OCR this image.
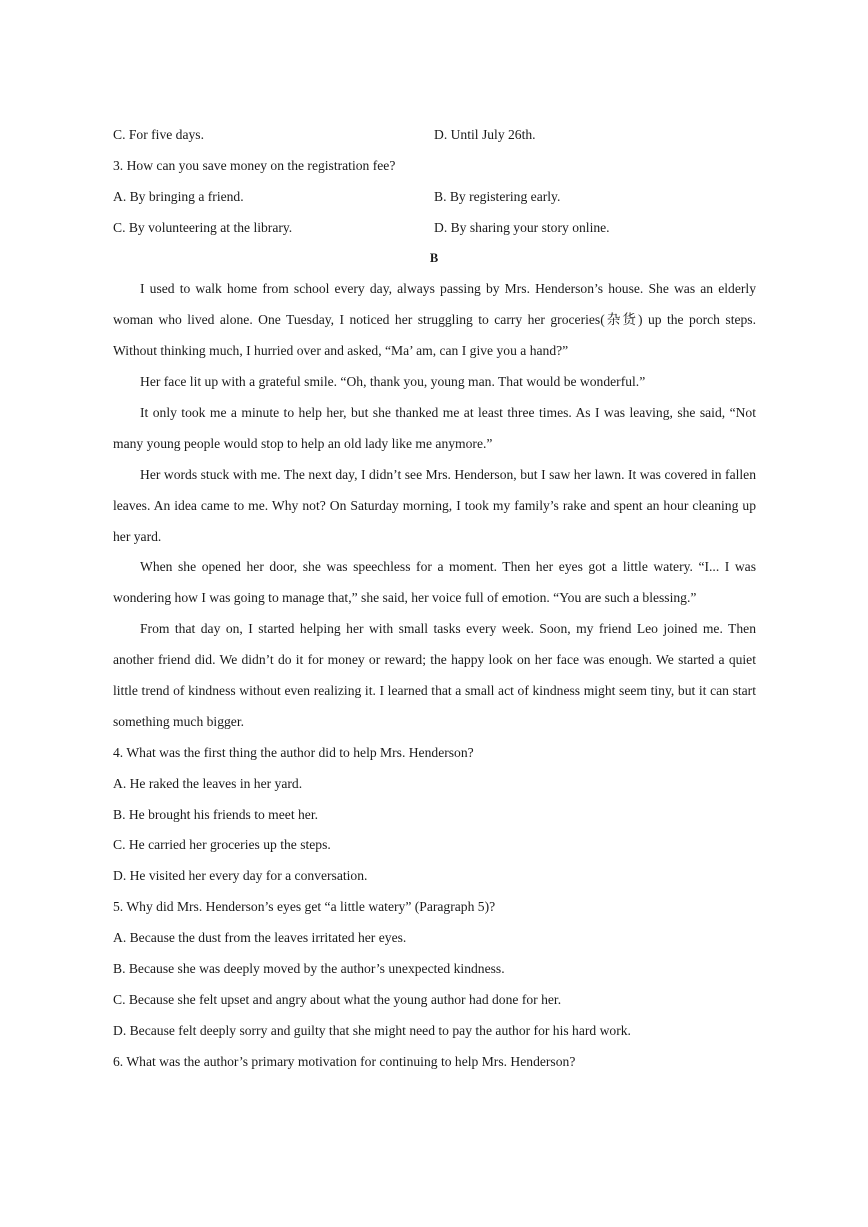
C. For five days.	D. Until July 26th.
3. How can you save money on the registration fee?
A. By bringing a friend.	B. By registering early.
C. By volunteering at the library.	D. By sharing your story online.
B

I used to walk home from school every day, always passing by Mrs. Henderson’s house. She was an elderly woman who lived alone. One Tuesday, I noticed her struggling to carry her groceries(杂货) up the porch steps. Without thinking much, I hurried over and asked, “Ma’ am, can I give you a hand?”

Her face lit up with a grateful smile. “Oh, thank you, young man. That would be wonderful.”

It only took me a minute to help her, but she thanked me at least three times. As I was leaving, she said, “Not many young people would stop to help an old lady like me anymore.”

Her words stuck with me. The next day, I didn’t see Mrs. Henderson, but I saw her lawn. It was covered in fallen leaves. An idea came to me. Why not? On Saturday morning, I took my family’s rake and spent an hour cleaning up her yard.

When she opened her door, she was speechless for a moment. Then her eyes got a little watery. “I... I was wondering how I was going to manage that,” she said, her voice full of emotion. “You are such a blessing.”

From that day on, I started helping her with small tasks every week. Soon, my friend Leo joined me. Then another friend did. We didn’t do it for money or reward; the happy look on her face was enough. We started a quiet little trend of kindness without even realizing it. I learned that a small act of kindness might seem tiny, but it can start something much bigger.

4. What was the first thing the author did to help Mrs. Henderson?
A. He raked the leaves in her yard.
B. He brought his friends to meet her.
C. He carried her groceries up the steps.
D. He visited her every day for a conversation.
5. Why did Mrs. Henderson’s eyes get “a little watery” (Paragraph 5)?
A. Because the dust from the leaves irritated her eyes.
B. Because she was deeply moved by the author’s unexpected kindness.
C. Because she felt upset and angry about what the young author had done for her.
D. Because felt deeply sorry and guilty that she might need to pay the author for his hard work.
6. What was the author’s primary motivation for continuing to help Mrs. Henderson?
